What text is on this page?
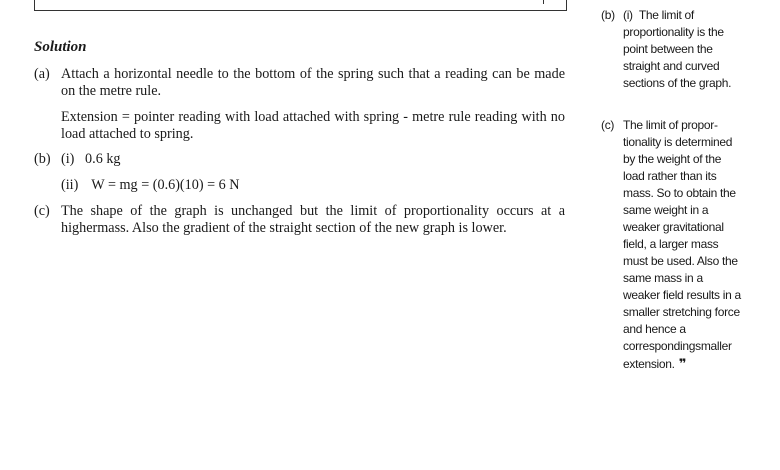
Solution
(a) Attach a horizontal needle to the bottom of the spring such that a reading can be made on the metre rule.
Extension = pointer reading with load attached with spring - metre rule reading with no load attached to spring.
(b) (i) 0.6 kg
(ii) W = mg = (0.6)(10) = 6 N
(c) The shape of the graph is unchanged but the limit of proportionality occurs at a highermass. Also the gradient of the straight section of the new graph is lower.
(b) (i) The limit of proportionality is the point between the straight and curved sections of the graph.
(c) The limit of propor-tionality is determined by the weight of the load rather than its mass. So to obtain the same weight in a weaker gravitational field, a larger mass must be used. Also the same mass in a weaker field results in a smaller stretching force and hence a correspondingsmaller extension. ❞
